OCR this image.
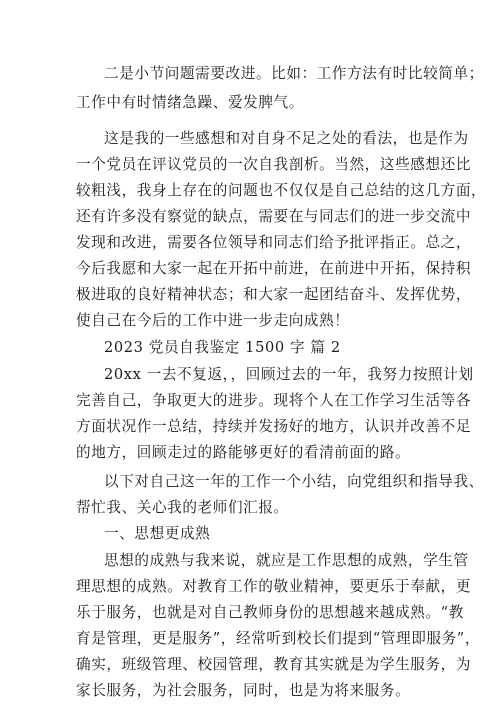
二是小节问题需要改进。比如：工作方法有时比较简单；
工作中有时情绪急躁、爱发脾气。
这是我的一些感想和对自身不足之处的看法，也是作为
一个党员在评议党员的一次自我剖析。当然，这些感想还比
较粗浅，我身上存在的问题也不仅仅是自己总结的这几方面，
还有许多没有察觉的缺点，需要在与同志们的进一步交流中
发现和改进，需要各位领导和同志们给予批评指正。总之，
今后我愿和大家一起在开拓中前进，在前进中开拓，保持积
极进取的良好精神状态；和大家一起团结奋斗、发挥优势，
使自己在今后的工作中进一步走向成熟！
2023 党员自我鉴定 1500 字 篇 2
20xx 一去不复返，，回顾过去的一年，我努力按照计划
完善自己，争取更大的进步。现将个人在工作学习生活等各
方面状况作一总结，持续并发扬好的地方，认识并改善不足
的地方，回顾走过的路能够更好的看清前面的路。
以下对自己这一年的工作一个小结，向党组织和指导我、
帮忙我、关心我的老师们汇报。
一、思想更成熟
思想的成熟与我来说，就应是工作思想的成熟，学生管
理思想的成熟。对教育工作的敬业精神，要更乐于奉献，更
乐于服务，也就是对自己教师身份的思想越来越成熟。“教
育是管理，更是服务”，经常听到校长们提到“管理即服务”，
确实，班级管理、校园管理，教育其实就是为学生服务，为
家长服务，为社会服务，同时，也是为将来服务。
